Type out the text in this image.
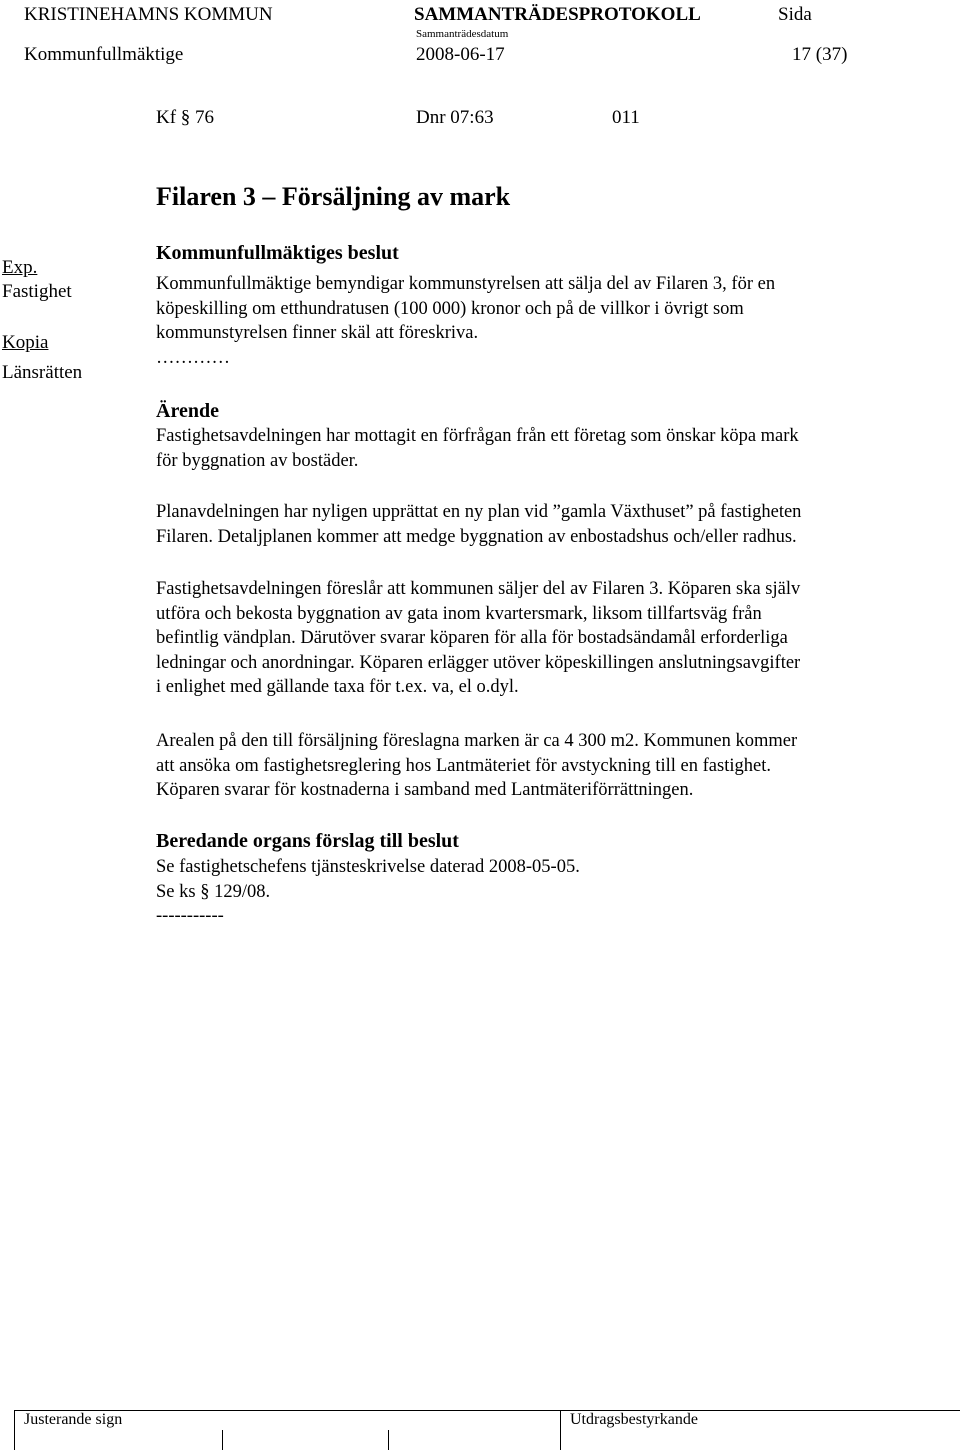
KRISTINEHAMNS KOMMUN	SAMMANTRÄDESPROTOKOLL	Sida
Sammanträdesdatum
Kommunfullmäktige	2008-06-17	17 (37)
Kf § 76	Dnr 07:63	011
Filaren 3 – Försäljning av mark
Exp.
Fastighet
Kopia
Länsrätten
Kommunfullmäktiges beslut
Kommunfullmäktige bemyndigar kommunstyrelsen att sälja del av Filaren 3, för en
köpeskilling om etthundratusen (100 000) kronor och på de villkor i övrigt som
kommunstyrelsen finner skäl att föreskriva.
…………
Ärende
Fastighetsavdelningen har mottagit en förfrågan från ett företag som önskar köpa mark
för byggnation av bostäder.
Planavdelningen har nyligen upprättat en ny plan vid ”gamla Växthuset” på fastigheten
Filaren. Detaljplanen kommer att medge byggnation av enbostadshus och/eller radhus.
Fastighetsavdelningen föreslår att kommunen säljer del av Filaren 3. Köparen ska själv
utföra och bekosta byggnation av gata inom kvartersmark, liksom tillfartsväg från
befintlig vändplan. Därutöver svarar köparen för alla för bostadsändamål erforderliga
ledningar och anordningar. Köparen erlägger utöver köpeskillingen anslutningsavgifter
i enlighet med gällande taxa för t.ex. va, el o.dyl.
Arealen på den till försäljning föreslagna marken är ca 4 300 m2. Kommunen kommer
att ansöka om fastighetsreglering hos Lantmäteriet för avstyckning till en fastighet.
Köparen svarar för kostnaderna i samband med Lantmäteriförrättningen.
Beredande organs förslag till beslut
Se fastighetschefens tjänsteskrivelse daterad 2008-05-05.
Se ks § 129/08.
-----------
Justerande sign	Utdragsbestyrkande
